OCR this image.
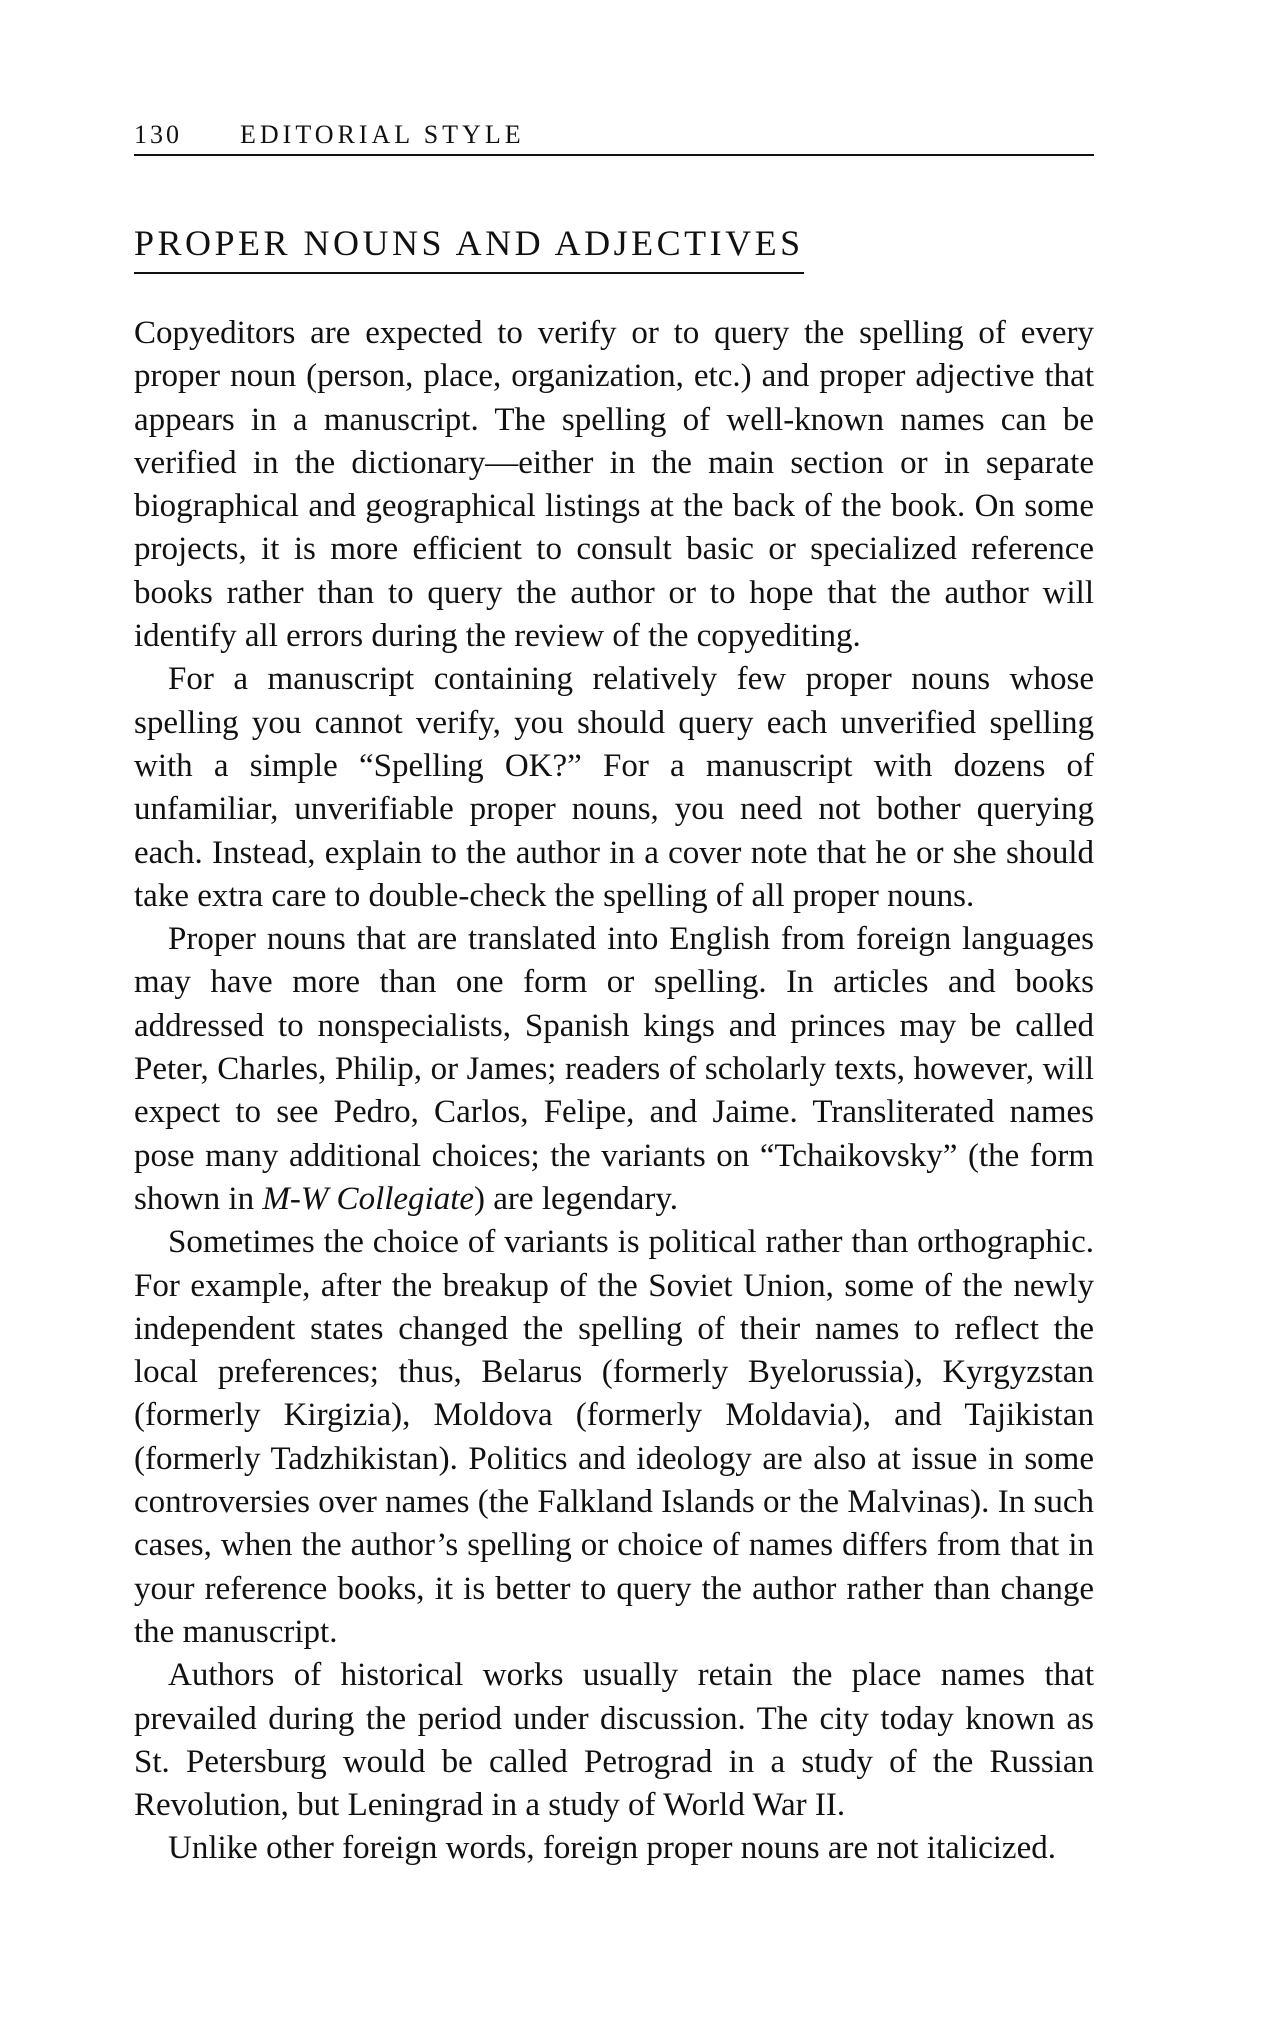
130 EDITORIAL STYLE
PROPER NOUNS AND ADJECTIVES

Copyeditors are expected to verify or to query the spelling of every proper noun (person, place, organization, etc.) and proper adjective that appears in a manuscript. The spelling of well-known names can be verified in the dictionary—either in the main section or in separate biographical and geographical listings at the back of the book. On some projects, it is more efficient to consult basic or specialized reference books rather than to query the author or to hope that the author will identify all errors during the review of the copyediting.

For a manuscript containing relatively few proper nouns whose spelling you cannot verify, you should query each unverified spelling with a simple “Spelling OK?” For a manuscript with dozens of unfamiliar, unverifiable proper nouns, you need not bother querying each. Instead, explain to the author in a cover note that he or she should take extra care to double-check the spelling of all proper nouns.

Proper nouns that are translated into English from foreign languages may have more than one form or spelling. In articles and books addressed to nonspecialists, Spanish kings and princes may be called Peter, Charles, Philip, or James; readers of scholarly texts, however, will expect to see Pedro, Carlos, Felipe, and Jaime. Transliterated names pose many additional choices; the variants on “Tchaikovsky” (the form shown in M-W Collegiate) are legendary.

Sometimes the choice of variants is political rather than orthographic. For example, after the breakup of the Soviet Union, some of the newly independent states changed the spelling of their names to reflect the local preferences; thus, Belarus (formerly Byelorussia), Kyrgyzstan (formerly Kirgizia), Moldova (formerly Moldavia), and Tajikistan (formerly Tadzhikistan). Politics and ideology are also at issue in some controversies over names (the Falkland Islands or the Malvinas). In such cases, when the author’s spelling or choice of names differs from that in your reference books, it is better to query the author rather than change the manuscript.

Authors of historical works usually retain the place names that prevailed during the period under discussion. The city today known as St. Petersburg would be called Petrograd in a study of the Russian Revolution, but Leningrad in a study of World War II.

Unlike other foreign words, foreign proper nouns are not italicized.
